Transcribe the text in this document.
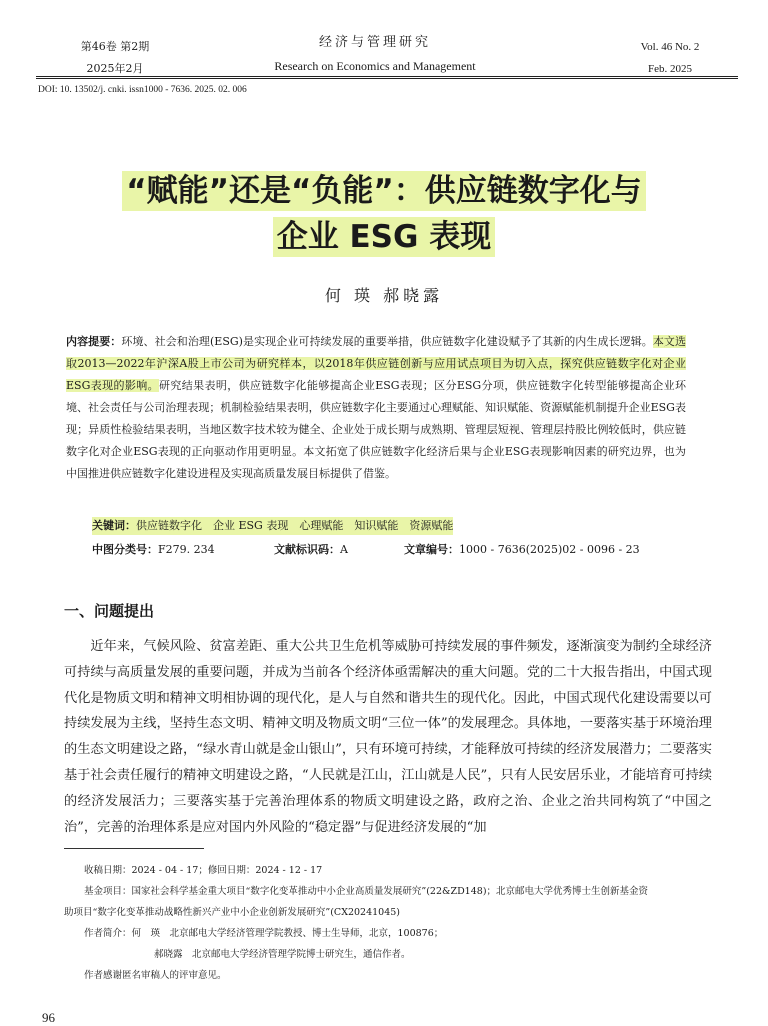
第46卷 第2期
2025年2月
经济与管理研究
Research on Economics and Management
Vol. 46 No. 2
Feb. 2025
DOI: 10. 13502/j. cnki. issn1000 - 7636. 2025. 02. 006
“赋能”还是“负能”：供应链数字化与
企业 ESG 表现
何 瑛 郝晓露
内容提要：环境、社会和治理(ESG)是实现企业可持续发展的重要举措，供应链数字化建设赋予了其新的内生成长逻辑。本文选取2013—2022年沪深A股上市公司为研究样本，以2018年供应链创新与应用试点项目为切入点，探究供应链数字化对企业ESG表现的影响。研究结果表明，供应链数字化能够提高企业ESG表现；区分ESG分项，供应链数字化转型能够提高企业环境、社会责任与公司治理表现；机制检验结果表明，供应链数字化主要通过心理赋能、知识赋能、资源赋能机制提升企业ESG表现；异质性检验结果表明，当地区数字技术较为健全、企业处于成长期与成熟期、管理层短视、管理层持股比例较低时，供应链数字化对企业ESG表现的正向驱动作用更明显。本文拓宽了供应链数字化经济后果与企业ESG表现影响因素的研究边界，也为中国推进供应链数字化建设进程及实现高质量发展目标提供了借鉴。
关键词：供应链数字化　企业 ESG 表现　心理赋能　知识赋能　资源赋能
中图分类号：F279. 234	文献标识码：A	文章编号：1000 - 7636(2025)02 - 0096 - 23
一、问题提出
近年来，气候风险、贫富差距、重大公共卫生危机等威胁可持续发展的事件频发，逐渐演变为制约全球经济可持续与高质量发展的重要问题，并成为当前各个经济体亟需解决的重大问题。党的二十大报告指出，中国式现代化是物质文明和精神文明相协调的现代化，是人与自然和谐共生的现代化。因此，中国式现代化建设需要以可持续发展为主线，坚持生态文明、精神文明及物质文明“三位一体”的发展理念。具体地，一要落实基于环境治理的生态文明建设之路，“绿水青山就是金山银山”，只有环境可持续，才能释放可持续的经济发展潜力；二要落实基于社会责任履行的精神文明建设之路，“人民就是江山，江山就是人民”，只有人民安居乐业，才能培育可持续的经济发展活力；三要落实基于完善治理体系的物质文明建设之路，政府之治、企业之治共同构筑了“中国之治”，完善的治理体系是应对国内外风险的“稳定器”与促进经济发展的“加

收稿日期：2024 - 04 - 17；修回日期：2024 - 12 - 17

基金项目：国家社会科学基金重大项目“数字化变革推动中小企业高质量发展研究”(22&ZD148)；北京邮电大学优秀博士生创新基金资

助项目“数字化变革推动战略性新兴产业中小企业创新发展研究”(CX20241045)

作者简介：何　瑛　北京邮电大学经济管理学院教授、博士生导师，北京，100876；

郝晓露　北京邮电大学经济管理学院博士研究生，通信作者。

作者感谢匿名审稿人的评审意见。

96
